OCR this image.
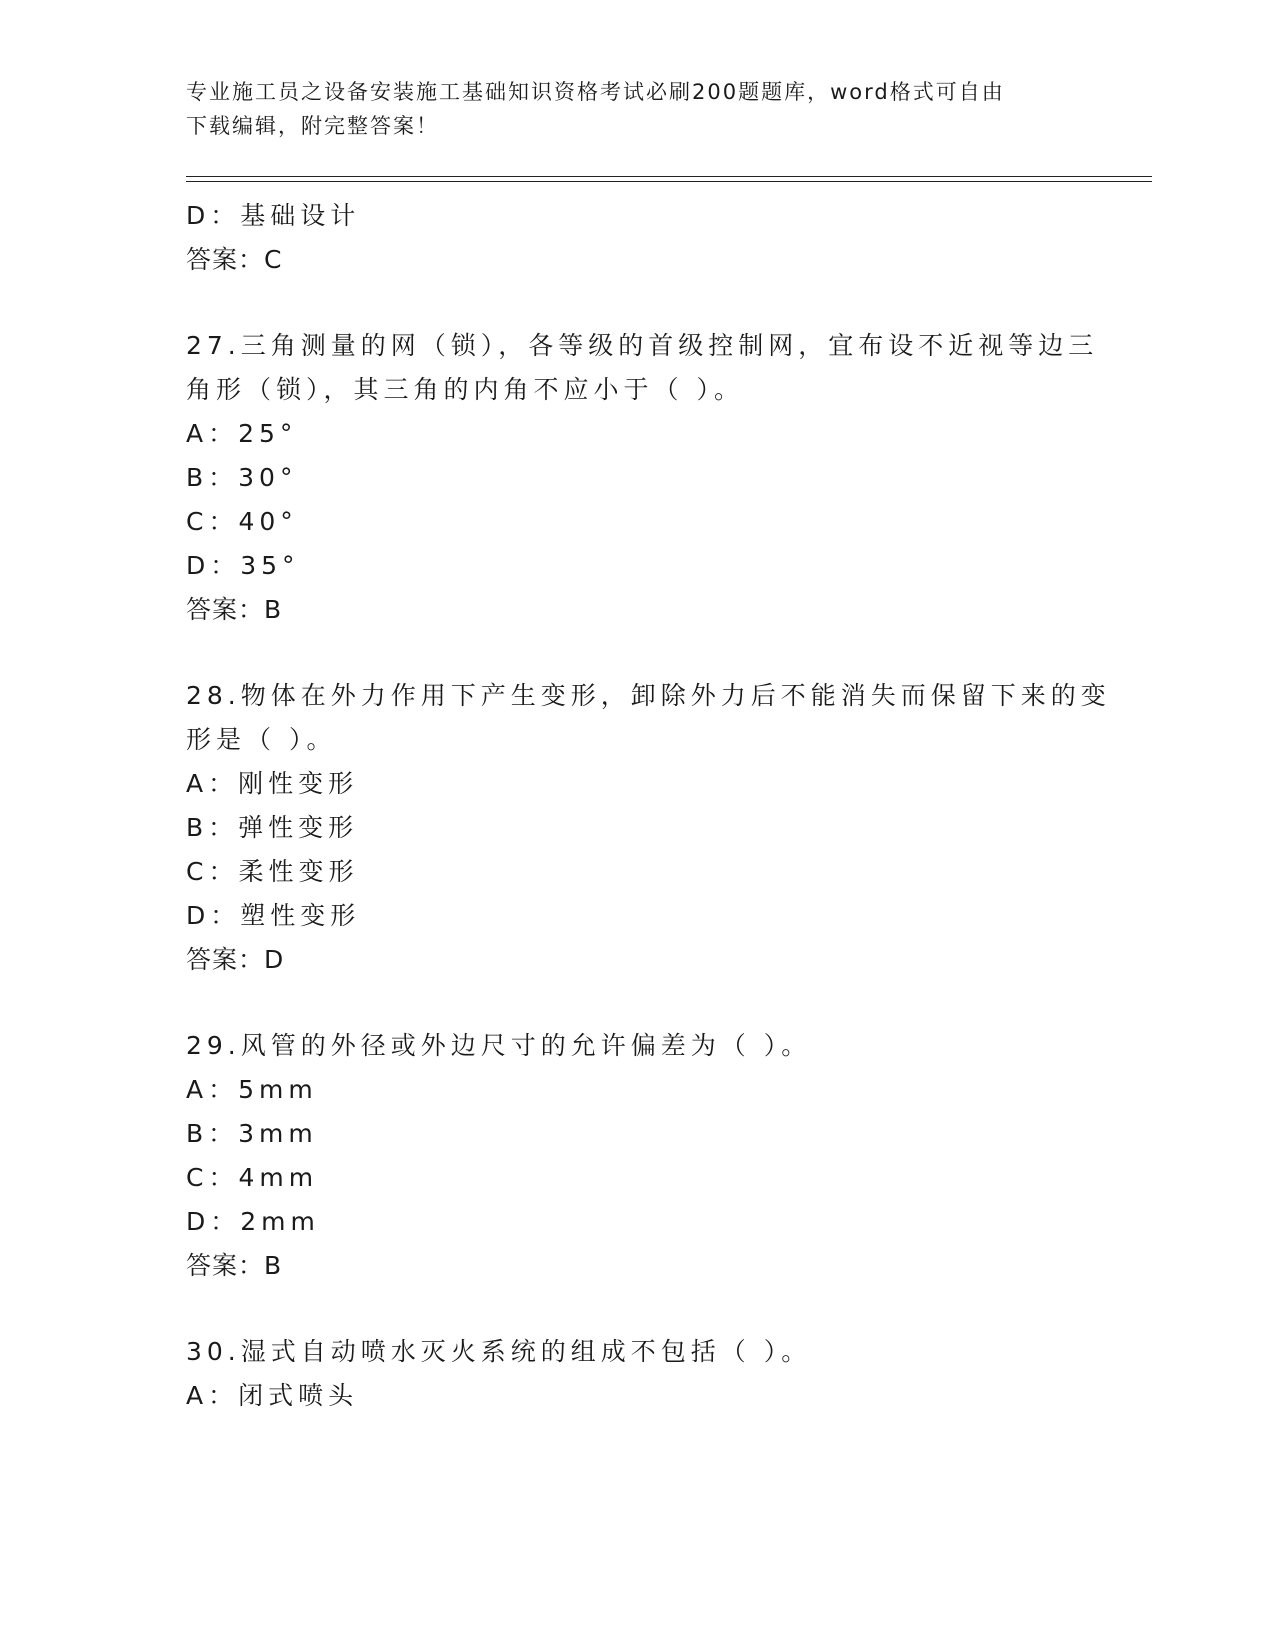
专业施工员之设备安装施工基础知识资格考试必刷200题题库，word格式可自由
下载编辑，附完整答案！
D：基础设计
答案：C
27.三角测量的网（锁），各等级的首级控制网，宜布设不近视等边三
角形（锁），其三角的内角不应小于（ ）。
A：25°
B：30°
C：40°
D：35°
答案：B
28.物体在外力作用下产生变形，卸除外力后不能消失而保留下来的变
形是（ ）。
A：刚性变形
B：弹性变形
C：柔性变形
D：塑性变形
答案：D
29.风管的外径或外边尺寸的允许偏差为（ ）。
A：5mm
B：3mm
C：4mm
D：2mm
答案：B
30.湿式自动喷水灭火系统的组成不包括（ ）。
A：闭式喷头
